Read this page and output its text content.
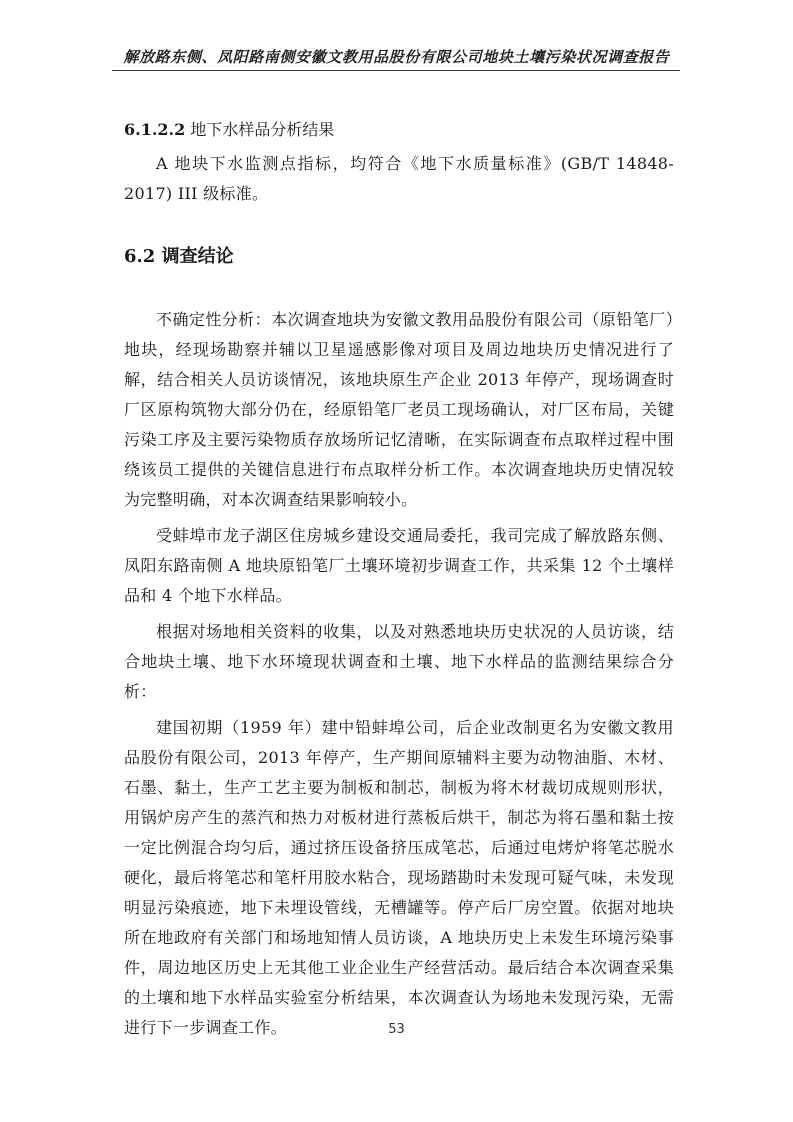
解放路东侧、凤阳路南侧安徽文教用品股份有限公司地块土壤污染状况调查报告
6.1.2.2 地下水样品分析结果

A 地块下水监测点指标，均符合《地下水质量标准》(GB/T 14848-2017) III 级标准。

6.2 调查结论

不确定性分析：本次调查地块为安徽文教用品股份有限公司（原铅笔厂）地块，经现场勘察并辅以卫星遥感影像对项目及周边地块历史情况进行了解，结合相关人员访谈情况，该地块原生产企业 2013 年停产，现场调查时厂区原构筑物大部分仍在，经原铅笔厂老员工现场确认，对厂区布局，关键污染工序及主要污染物质存放场所记忆清晰，在实际调查布点取样过程中围绕该员工提供的关键信息进行布点取样分析工作。本次调查地块历史情况较为完整明确，对本次调查结果影响较小。

受蚌埠市龙子湖区住房城乡建设交通局委托，我司完成了解放路东侧、凤阳东路南侧 A 地块原铅笔厂土壤环境初步调查工作，共采集 12 个土壤样品和 4 个地下水样品。

根据对场地相关资料的收集，以及对熟悉地块历史状况的人员访谈，结合地块土壤、地下水环境现状调查和土壤、地下水样品的监测结果综合分析：

建国初期（1959 年）建中铅蚌埠公司，后企业改制更名为安徽文教用品股份有限公司，2013 年停产，生产期间原辅料主要为动物油脂、木材、石墨、黏土，生产工艺主要为制板和制芯，制板为将木材裁切成规则形状，用锅炉房产生的蒸汽和热力对板材进行蒸板后烘干，制芯为将石墨和黏土按一定比例混合均匀后，通过挤压设备挤压成笔芯，后通过电烤炉将笔芯脱水硬化，最后将笔芯和笔杆用胶水粘合，现场踏勘时未发现可疑气味，未发现明显污染痕迹，地下未埋设管线，无槽罐等。停产后厂房空置。依据对地块所在地政府有关部门和场地知情人员访谈，A 地块历史上未发生环境污染事件，周边地区历史上无其他工业企业生产经营活动。最后结合本次调查采集的土壤和地下水样品实验室分析结果，本次调查认为场地未发现污染，无需进行下一步调查工作。	53
